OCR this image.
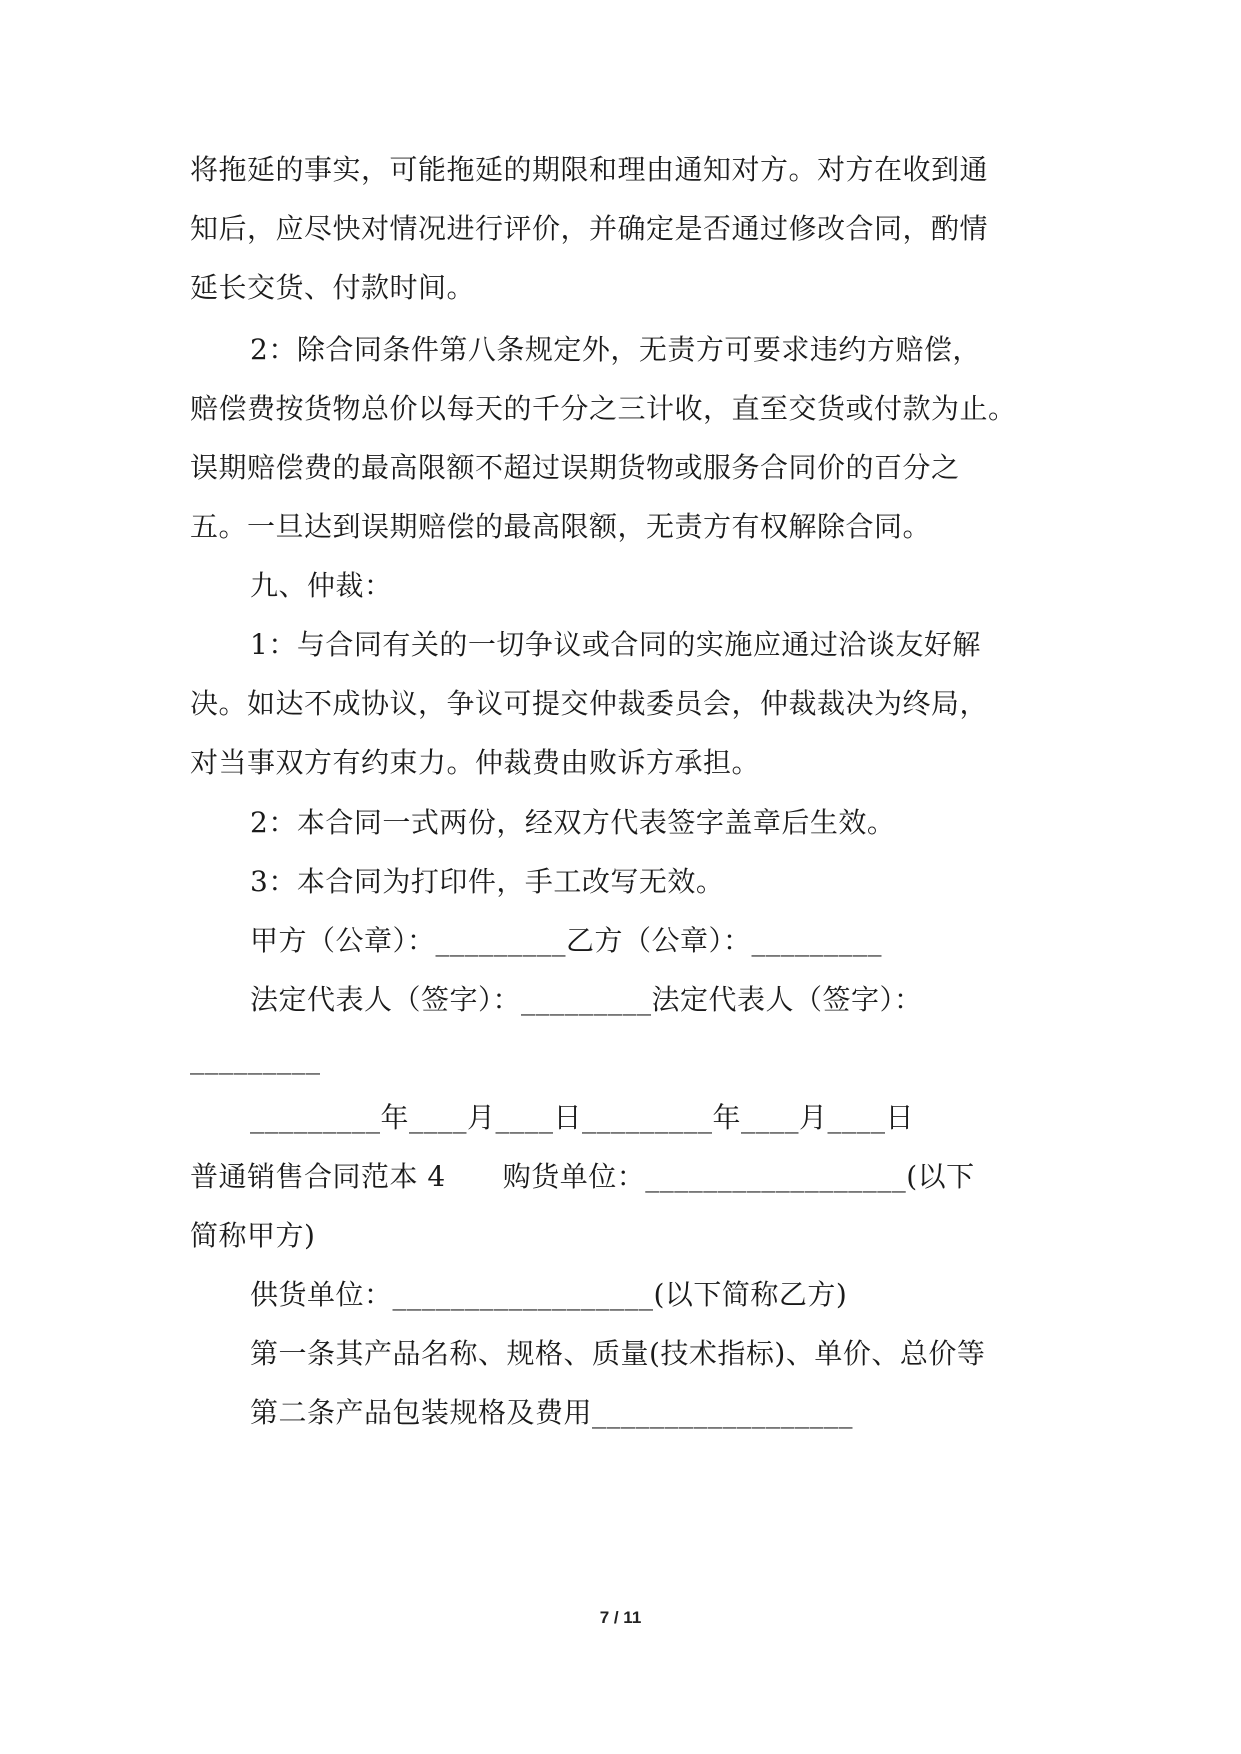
将拖延的事实，可能拖延的期限和理由通知对方。对方在收到通
知后，应尽快对情况进行评价，并确定是否通过修改合同，酌情
延长交货、付款时间。
2：除合同条件第八条规定外，无责方可要求违约方赔偿，
赔偿费按货物总价以每天的千分之三计收，直至交货或付款为止。
误期赔偿费的最高限额不超过误期货物或服务合同价的百分之
五。一旦达到误期赔偿的最高限额，无责方有权解除合同。
九、仲裁：
1：与合同有关的一切争议或合同的实施应通过洽谈友好解
决。如达不成协议，争议可提交仲裁委员会，仲裁裁决为终局，
对当事双方有约束力。仲裁费由败诉方承担。
2：本合同一式两份，经双方代表签字盖章后生效。
3：本合同为打印件，手工改写无效。
甲方（公章）：_________乙方（公章）：_________
法定代表人（签字）：_________法定代表人（签字）：
_________
_________年____月____日_________年____月____日
普通销售合同范本 4　　购货单位：__________________(以下
简称甲方)
供货单位：__________________(以下简称乙方)
第一条其产品名称、规格、质量(技术指标)、单价、总价等
第二条产品包装规格及费用__________________
7 / 11
